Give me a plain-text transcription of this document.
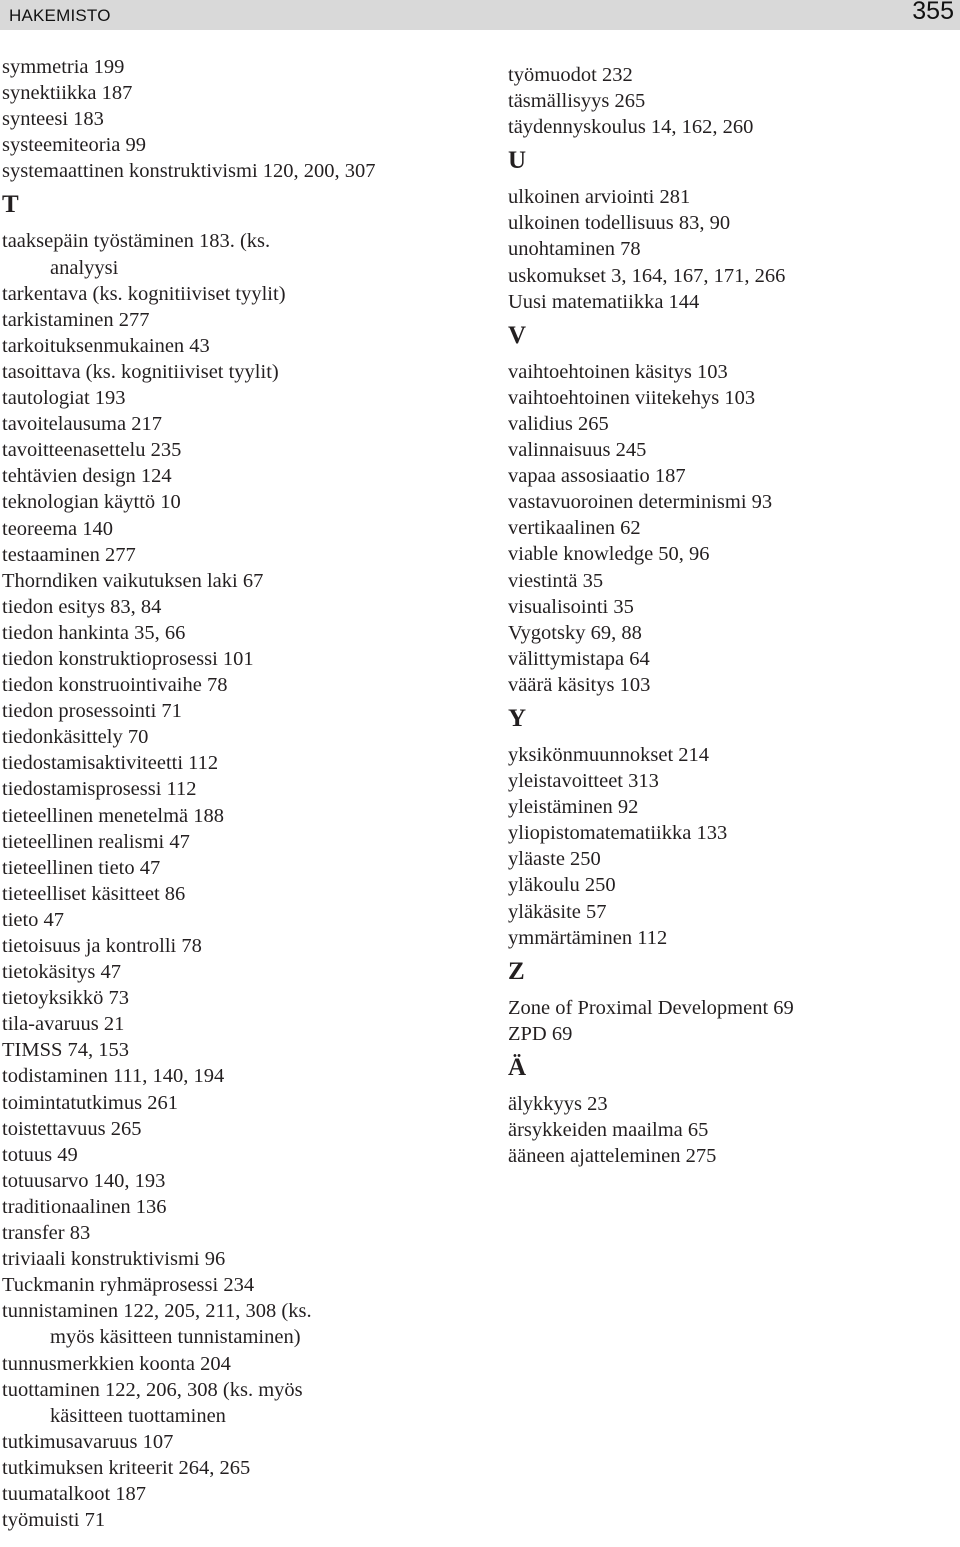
HAKEMISTO	355
symmetria 199
synektiikka 187
synteesi 183
systeemiteoria 99
systemaattinen konstruktivismi 120, 200, 307
T
taaksepäin työstäminen 183. (ks.
analyysi
tarkentava (ks. kognitiiviset tyylit)
tarkistaminen 277
tarkoituksenmukainen 43
tasoittava (ks. kognitiiviset tyylit)
tautologiat 193
tavoitelausuma 217
tavoitteenasettelu 235
tehtävien design 124
teknologian käyttö 10
teoreema 140
testaaminen 277
Thorndiken vaikutuksen laki 67
tiedon esitys 83, 84
tiedon hankinta 35, 66
tiedon konstruktioprosessi 101
tiedon konstruointivaihe 78
tiedon prosessointi 71
tiedonkäsittely 70
tiedostamisaktiviteetti 112
tiedostamisprosessi 112
tieteellinen menetelmä 188
tieteellinen realismi 47
tieteellinen tieto 47
tieteelliset käsitteet 86
tieto 47
tietoisuus ja kontrolli 78
tietokäsitys 47
tietoyksikkö 73
tila-avaruus 21
TIMSS 74, 153
todistaminen 111, 140, 194
toimintatutkimus 261
toistettavuus 265
totuus 49
totuusarvo 140, 193
traditionaalinen 136
transfer 83
triviaali konstruktivismi 96
Tuckmanin ryhmäprosessi 234
tunnistaminen 122, 205, 211, 308 (ks.
myös käsitteen tunnistaminen)
tunnusmerkkien koonta 204
tuottaminen 122, 206, 308 (ks. myös
käsitteen tuottaminen
tutkimusavaruus 107
tutkimuksen kriteerit 264, 265
tuumatalkoot 187
työmuisti 71
työmuodot 232
täsmällisyys 265
täydennyskoulus 14, 162, 260
U
ulkoinen arviointi 281
ulkoinen todellisuus 83, 90
unohtaminen 78
uskomukset 3, 164, 167, 171, 266
Uusi matematiikka 144
V
vaihtoehtoinen käsitys 103
vaihtoehtoinen viitekehys 103
validius 265
valinnaisuus 245
vapaa assosiaatio 187
vastavuoroinen determinismi 93
vertikaalinen 62
viable knowledge 50, 96
viestintä 35
visualisointi 35
Vygotsky 69, 88
välittymistapa 64
väärä käsitys 103
Y
yksikönmuunnokset 214
yleistavoitteet 313
yleistäminen 92
yliopistomatematiikka 133
yläaste 250
yläkoulu 250
yläkäsite 57
ymmärtäminen 112
Z
Zone of Proximal Development 69
ZPD 69
Ä
älykkyys 23
ärsykkeiden maailma 65
ääneen ajatteleminen 275
